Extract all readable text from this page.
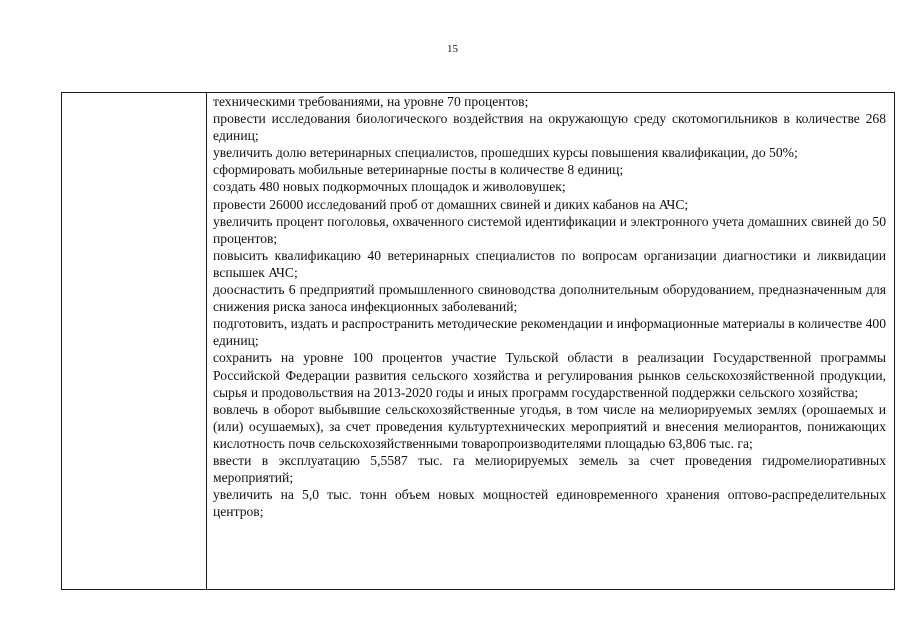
15

техническими требованиями, на уровне 70 процентов;

провести исследования биологического воздействия на окружающую среду скотомогильников в количестве 268 единиц;

увеличить долю ветеринарных специалистов, прошедших курсы повышения квалификации, до 50%;

сформировать мобильные ветеринарные посты в количестве 8 единиц;

создать 480 новых подкормочных площадок и живоловушек;

провести 26000 исследований проб от домашних свиней и диких кабанов на АЧС;

увеличить процент поголовья, охваченного системой идентификации и электронного учета домашних свиней до 50 процентов;

повысить квалификацию 40 ветеринарных специалистов по вопросам организации диагностики и ликвидации вспышек АЧС;

дооснастить 6 предприятий промышленного свиноводства дополнительным оборудованием, предназначенным для снижения риска заноса инфекционных заболеваний;

подготовить, издать и распространить методические рекомендации и информационные материалы в количестве 400 единиц;

сохранить на уровне 100 процентов участие Тульской области в реализации Государственной программы Российской Федерации развития сельского хозяйства и регулирования рынков сельскохозяйственной продукции, сырья и продовольствия на 2013-2020 годы и иных программ государственной поддержки сельского хозяйства;

вовлечь в оборот выбывшие сельскохозяйственные угодья, в том числе на мелиорируемых землях (орошаемых и (или) осушаемых), за счет проведения культуртехнических мероприятий и внесения мелиорантов, понижающих кислотность почв сельскохозяйственными товаропроизводителями площадью 63,806 тыс. га;

ввести в эксплуатацию 5,5587 тыс. га мелиорируемых земель за счет проведения гидромелиоративных мероприятий;

увеличить на 5,0 тыс. тонн объем новых мощностей единовременного хранения оптово-распределительных центров;
